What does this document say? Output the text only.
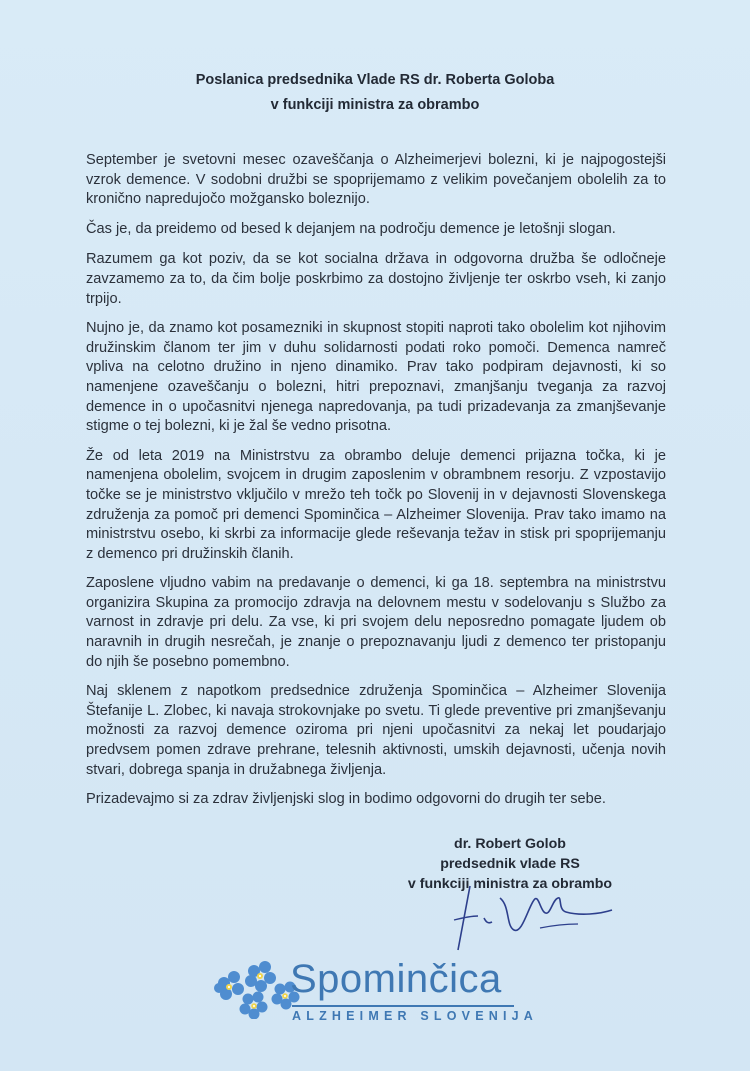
Poslanica predsednika Vlade RS dr. Roberta Goloba
v funkciji ministra za obrambo

September je svetovni mesec ozaveščanja o Alzheimerjevi bolezni, ki je najpogostejši vzrok demence. V sodobni družbi se spoprijemamo z velikim povečanjem obolelih za to kronično napredujočo možgansko boleznijo.

Čas je, da preidemo od besed k dejanjem na področju demence je letošnji slogan.

Razumem ga kot poziv, da se kot socialna država in odgovorna družba še odločneje zavzamemo za to, da čim bolje poskrbimo za dostojno življenje ter oskrbo vseh, ki zanjo trpijo.

Nujno je, da znamo kot posamezniki in skupnost stopiti naproti tako obolelim kot njihovim družinskim članom ter jim v duhu solidarnosti podati roko pomoči. Demenca namreč vpliva na celotno družino in njeno dinamiko. Prav tako podpiram dejavnosti, ki so namenjene ozaveščanju o bolezni, hitri prepoznavi, zmanjšanju tveganja za razvoj demence in o upočasnitvi njenega napredovanja, pa tudi prizadevanja za zmanjševanje stigme o tej bolezni, ki je žal še vedno prisotna.

Že od leta 2019 na Ministrstvu za obrambo deluje demenci prijazna točka, ki je namenjena obolelim, svojcem in drugim zaposlenim v obrambnem resorju. Z vzpostavijo točke se je ministrstvo vključilo v mrežo teh točk po Slovenij in v dejavnosti Slovenskega združenja za pomoč pri demenci Spominčica – Alzheimer Slovenija. Prav tako imamo na ministrstvu osebo, ki skrbi za informacije glede reševanja težav in stisk pri spoprijemanju z demenco pri družinskih članih.

Zaposlene vljudno vabim na predavanje o demenci, ki ga 18. septembra na ministrstvu organizira Skupina za promocijo zdravja na delovnem mestu v sodelovanju s Službo za varnost in zdravje pri delu. Za vse, ki pri svojem delu neposredno pomagate ljudem ob naravnih in drugih nesrečah, je znanje o prepoznavanju ljudi z demenco ter pristopanju do njih še posebno pomembno.

Naj sklenem z napotkom predsednice združenja Spominčica – Alzheimer Slovenija Štefanije L. Zlobec, ki navaja strokovnjake po svetu. Ti glede preventive pri zmanjševanju možnosti za razvoj demence oziroma pri njeni upočasnitvi za nekaj let poudarjajo predvsem pomen zdrave prehrane, telesnih aktivnosti, umskih dejavnosti, učenja novih stvari, dobrega spanja in družabnega življenja.

Prizadevajmo si za zdrav življenjski slog in bodimo odgovorni do drugih ter sebe.

dr. Robert Golob
predsednik vlade RS
v funkciji ministra za obrambo
Spominčica
ALZHEIMER SLOVENIJA
